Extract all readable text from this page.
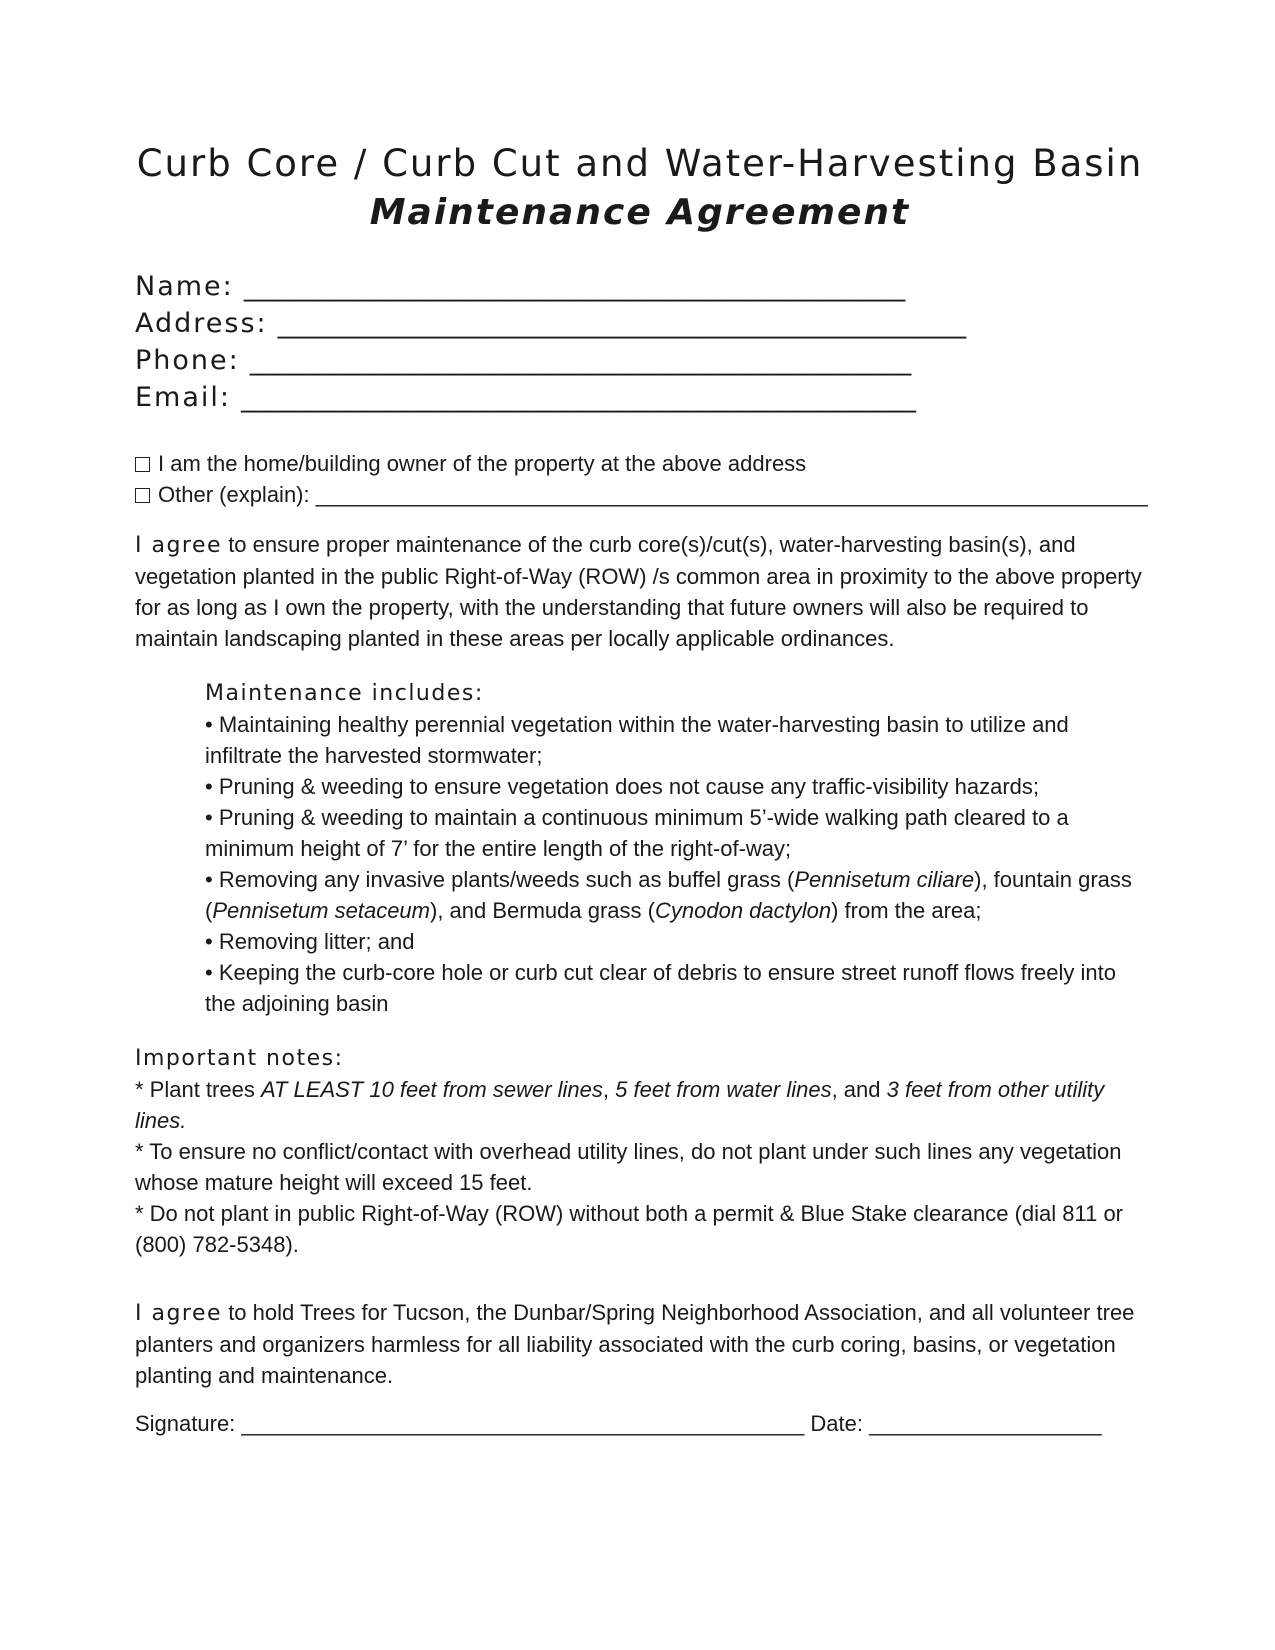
Curb Core / Curb Cut and Water-Harvesting Basin
Maintenance Agreement
Name: _________________________________________________
Address: ___________________________________________________
Phone: _________________________________________________
Email: __________________________________________________
I am the home/building owner of the property at the above address
Other (explain): ____________________________________________________________________

I agree to ensure proper maintenance of the curb core(s)/cut(s), water-harvesting basin(s), and vegetation planted in the public Right-of-Way (ROW) /s common area in proximity to the above property for as long as I own the property, with the understanding that future owners will also be required to maintain landscaping planted in these areas per locally applicable ordinances.

Maintenance includes:

• Maintaining healthy perennial vegetation within the water-harvesting basin to utilize and infiltrate the harvested stormwater;

• Pruning & weeding to ensure vegetation does not cause any traffic-visibility hazards;

• Pruning & weeding to maintain a continuous minimum 5’-wide walking path cleared to a minimum height of 7’ for the entire length of the right-of-way;

• Removing any invasive plants/weeds such as buffel grass (Pennisetum ciliare), fountain grass (Pennisetum setaceum), and Bermuda grass (Cynodon dactylon) from the area;

• Removing litter; and

• Keeping the curb-core hole or curb cut clear of debris to ensure street runoff flows freely into the adjoining basin

Important notes:

* Plant trees AT LEAST 10 feet from sewer lines, 5 feet from water lines, and 3 feet from other utility lines.

* To ensure no conflict/contact with overhead utility lines, do not plant under such lines any vegetation whose mature height will exceed 15 feet.

* Do not plant in public Right-of-Way (ROW) without both a permit & Blue Stake clearance (dial 811 or (800) 782-5348).

I agree to hold Trees for Tucson, the Dunbar/Spring Neighborhood Association, and all volunteer tree planters and organizers harmless for all liability associated with the curb coring, basins, or vegetation planting and maintenance.

Signature: ______________________________________________ Date: ___________________
